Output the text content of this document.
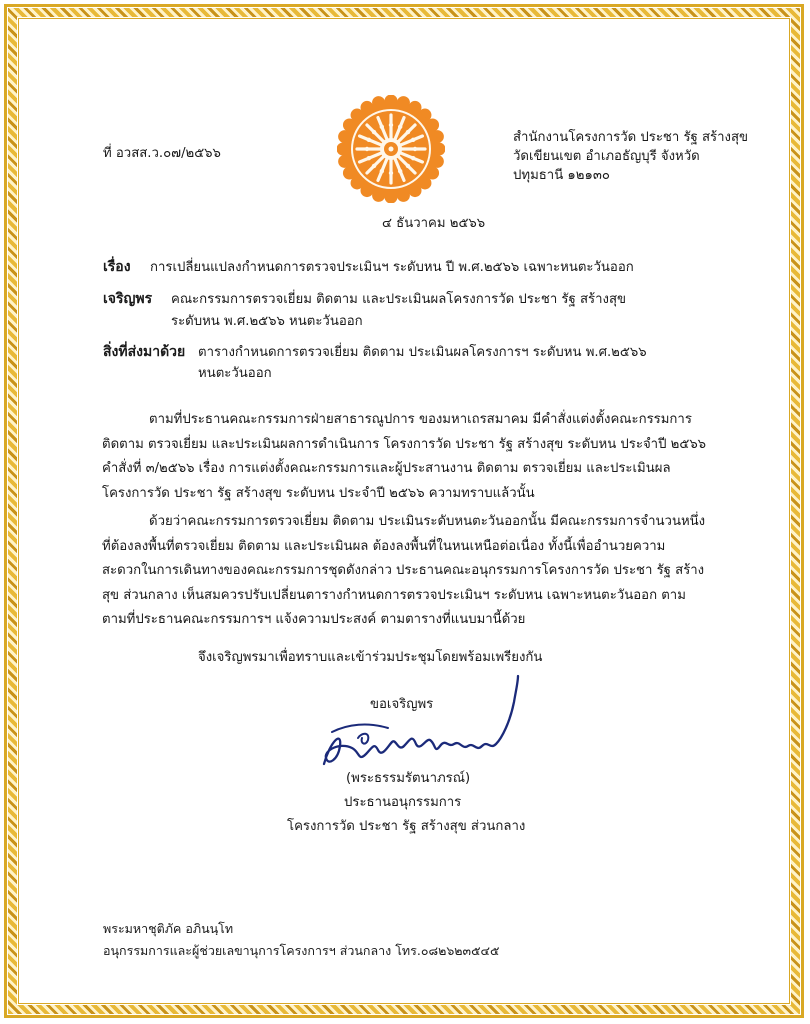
ที่ อวสส.ว.๐๗/๒๕๖๖
สำนักงานโครงการวัด ประชา รัฐ สร้างสุข
วัดเขียนเขต อำเภอธัญบุรี จังหวัด
ปทุมธานี ๑๒๑๓๐
๔ ธันวาคม ๒๕๖๖
เรื่อง การเปลี่ยนแปลงกำหนดการตรวจประเมินฯ ระดับหน ปี พ.ศ.๒๕๖๖ เฉพาะหนตะวันออก
เจริญพร คณะกรรมการตรวจเยี่ยม ติดตาม และประเมินผลโครงการวัด ประชา รัฐ สร้างสุข
ระดับหน พ.ศ.๒๕๖๖ หนตะวันออก
สิ่งที่ส่งมาด้วย ตารางกำหนดการตรวจเยี่ยม ติดตาม ประเมินผลโครงการฯ ระดับหน พ.ศ.๒๕๖๖
หนตะวันออก
ตามที่ประธานคณะกรรมการฝ่ายสาธารณูปการ ของมหาเถรสมาคม มีคำสั่งแต่งตั้งคณะกรรมการ
ติดตาม ตรวจเยี่ยม และประเมินผลการดำเนินการ โครงการวัด ประชา รัฐ สร้างสุข ระดับหน ประจำปี ๒๕๖๖
คำสั่งที่ ๓/๒๕๖๖ เรื่อง การแต่งตั้งคณะกรรมการและผู้ประสานงาน ติดตาม ตรวจเยี่ยม และประเมินผล
โครงการวัด ประชา รัฐ สร้างสุข ระดับหน ประจำปี ๒๕๖๖ ความทราบแล้วนั้น
ด้วยว่าคณะกรรมการตรวจเยี่ยม ติดตาม ประเมินระดับหนตะวันออกนั้น มีคณะกรรมการจำนวนหนึ่ง
ที่ต้องลงพื้นที่ตรวจเยี่ยม ติดตาม และประเมินผล ต้องลงพื้นที่ในหนเหนือต่อเนื่อง ทั้งนี้เพื่ออำนวยความ
สะดวกในการเดินทางของคณะกรรมการชุดดังกล่าว ประธานคณะอนุกรรมการโครงการวัด ประชา รัฐ สร้าง
สุข ส่วนกลาง เห็นสมควรปรับเปลี่ยนตารางกำหนดการตรวจประเมินฯ ระดับหน เฉพาะหนตะวันออก ตาม
ตามที่ประธานคณะกรรมการฯ แจ้งความประสงค์ ตามตารางที่แนบมานี้ด้วย
จึงเจริญพรมาเพื่อทราบและเข้าร่วมประชุมโดยพร้อมเพรียงกัน
ขอเจริญพร
(พระธรรมรัตนาภรณ์)
ประธานอนุกรรมการ
โครงการวัด ประชา รัฐ สร้างสุข ส่วนกลาง
พระมหาชุติภัค อภินนฺโท
อนุกรรมการและผู้ช่วยเลขานุการโครงการฯ ส่วนกลาง โทร.๐๘๒๖๒๓๕๔๕
